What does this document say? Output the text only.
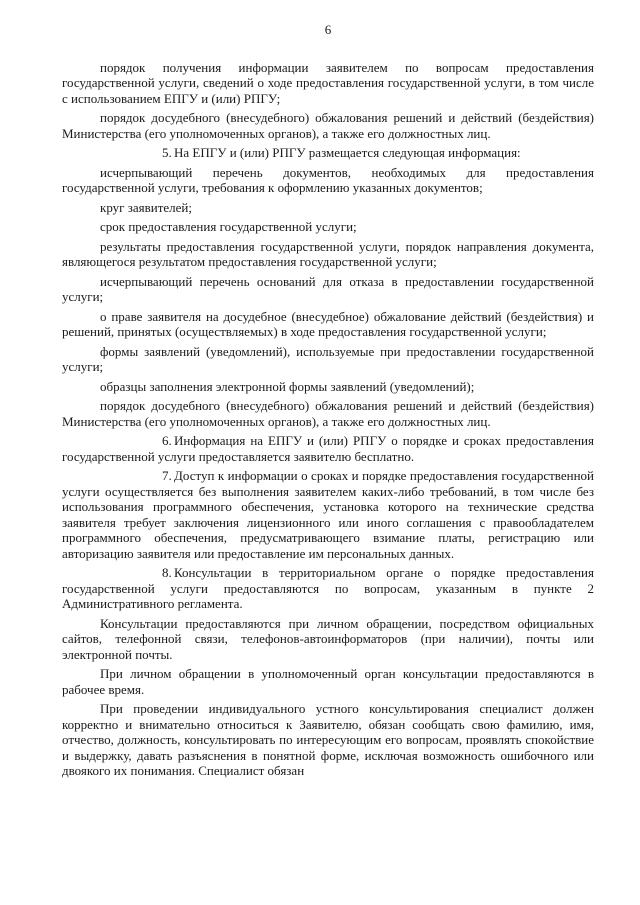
6

порядок получения информации заявителем по вопросам предоставления государственной услуги, сведений о ходе предоставления государственной услуги, в том числе с использованием ЕПГУ и (или) РПГУ;

порядок досудебного (внесудебного) обжалования решений и действий (бездействия) Министерства (его уполномоченных органов), а также его должностных лиц.

5. На ЕПГУ и (или) РПГУ размещается следующая информация:

исчерпывающий перечень документов, необходимых для предоставления государственной услуги, требования к оформлению указанных документов;

круг заявителей;

срок предоставления государственной услуги;

результаты предоставления государственной услуги, порядок направления документа, являющегося результатом предоставления государственной услуги;

исчерпывающий перечень оснований для отказа в предоставлении государственной услуги;

о праве заявителя на досудебное (внесудебное) обжалование действий (бездействия) и решений, принятых (осуществляемых) в ходе предоставления государственной услуги;

формы заявлений (уведомлений), используемые при предоставлении государственной услуги;

образцы заполнения электронной формы заявлений (уведомлений);

порядок досудебного (внесудебного) обжалования решений и действий (бездействия) Министерства (его уполномоченных органов), а также его должностных лиц.

6. Информация на ЕПГУ и (или) РПГУ о порядке и сроках предоставления государственной услуги предоставляется заявителю бесплатно.

7. Доступ к информации о сроках и порядке предоставления государственной услуги осуществляется без выполнения заявителем каких-либо требований, в том числе без использования программного обеспечения, установка которого на технические средства заявителя требует заключения лицензионного или иного соглашения с правообладателем программного обеспечения, предусматривающего взимание платы, регистрацию или авторизацию заявителя или предоставление им персональных данных.

8. Консультации в территориальном органе о порядке предоставления государственной услуги предоставляются по вопросам, указанным в пункте 2 Административного регламента.

Консультации предоставляются при личном обращении, посредством официальных сайтов, телефонной связи, телефонов-автоинформаторов (при наличии), почты или электронной почты.

При личном обращении в уполномоченный орган консультации предоставляются в рабочее время.

При проведении индивидуального устного консультирования специалист должен корректно и внимательно относиться к Заявителю, обязан сообщать свою фамилию, имя, отчество, должность, консультировать по интересующим его вопросам, проявлять спокойствие и выдержку, давать разъяснения в понятной форме, исключая возможность ошибочного или двоякого их понимания. Специалист обязан
